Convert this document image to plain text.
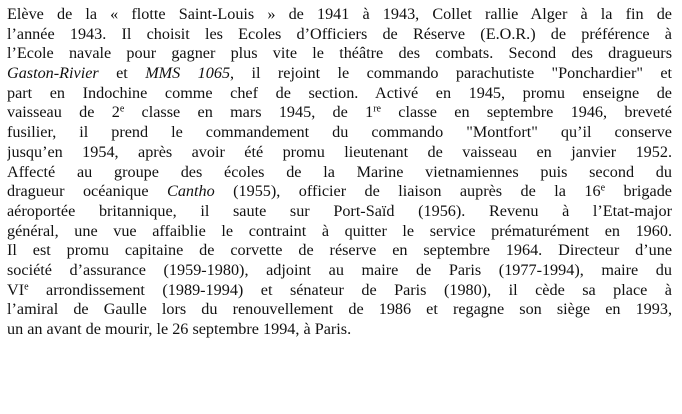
Elève de la « flotte Saint-Louis » de 1941 à 1943, Collet rallie Alger à la fin de
l’année 1943. Il choisit les Ecoles d’Officiers de Réserve (E.O.R.) de préférence à
l’Ecole navale pour gagner plus vite le théâtre des combats. Second des dragueurs
Gaston-Rivier et MMS 1065, il rejoint le commando parachutiste "Ponchardier" et
part en Indochine comme chef de section. Activé en 1945, promu enseigne de
vaisseau de 2e classe en mars 1945, de 1re classe en septembre 1946, breveté
fusilier, il prend le commandement du commando "Montfort" qu’il conserve
jusqu’en 1954, après avoir été promu lieutenant de vaisseau en janvier 1952.
Affecté au groupe des écoles de la Marine vietnamiennes puis second du
dragueur océanique Cantho (1955), officier de liaison auprès de la 16e brigade
aéroportée britannique, il saute sur Port-Saïd (1956). Revenu à l’Etat-major
général, une vue affaiblie le contraint à quitter le service prématurément en 1960.
Il est promu capitaine de corvette de réserve en septembre 1964. Directeur d’une
société d’assurance (1959-1980), adjoint au maire de Paris (1977-1994), maire du
VIe arrondissement (1989-1994) et sénateur de Paris (1980), il cède sa place à
l’amiral de Gaulle lors du renouvellement de 1986 et regagne son siège en 1993,
un an avant de mourir, le 26 septembre 1994, à Paris.
